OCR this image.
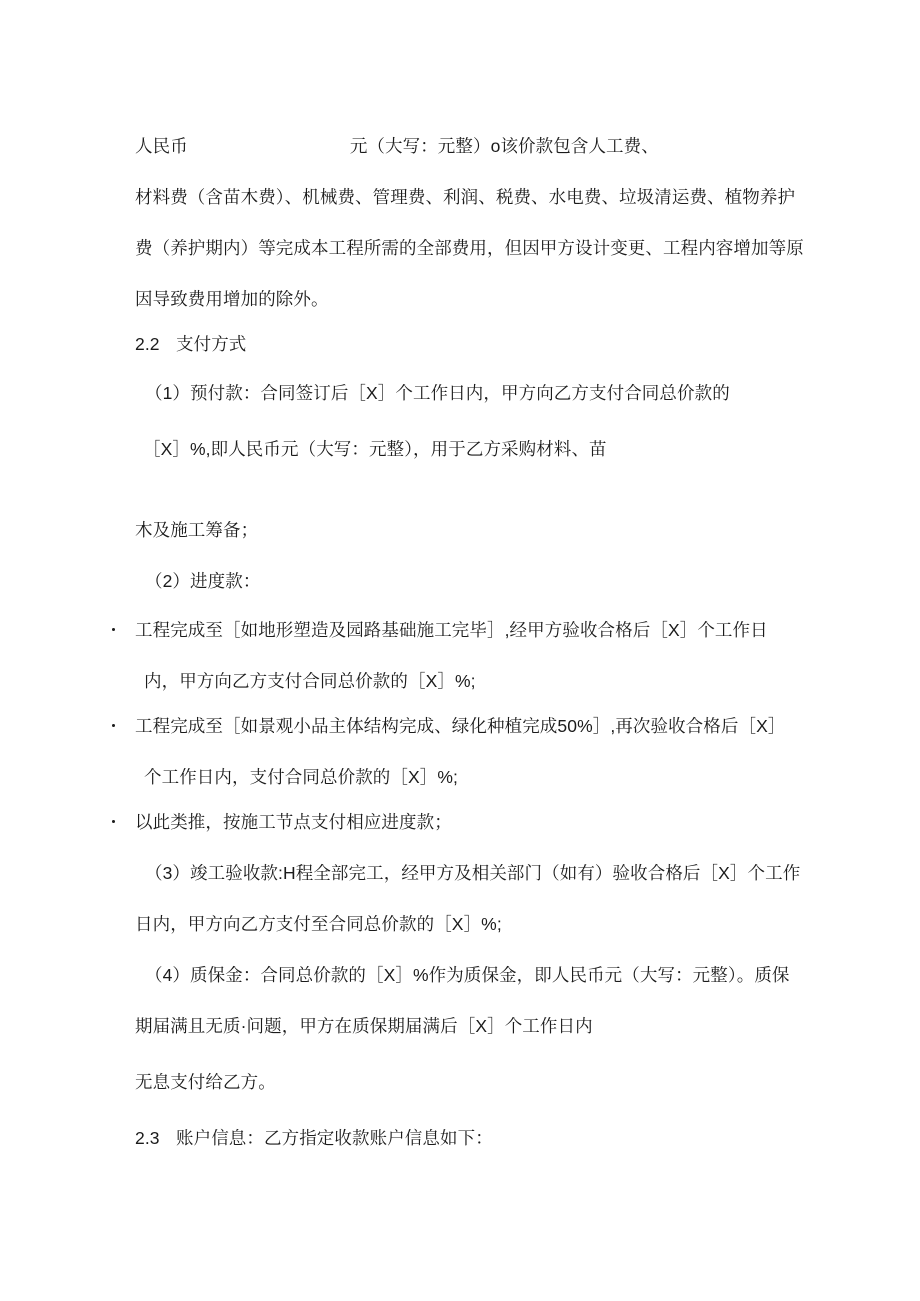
人民币	元（大写：元整）o该价款包含人工费、
材料费（含苗木费）、机械费、管理费、利润、税费、水电费、垃圾清运费、植物养护
费（养护期内）等完成本工程所需的全部费用，但因甲方设计变更、工程内容增加等原
因导致费用增加的除外。
2.2 支付方式
（1）预付款：合同签订后［X］个工作日内，甲方向乙方支付合同总价款的
［X］%,即人民币元（大写：元整），用于乙方采购材料、苗
木及施工筹备；
（2）进度款：
工程完成至［如地形塑造及园路基础施工完毕］,经甲方验收合格后［X］个工作日
内，甲方向乙方支付合同总价款的［X］%;
工程完成至［如景观小品主体结构完成、绿化种植完成50%］,再次验收合格后［X］
个工作日内，支付合同总价款的［X］%;
以此类推，按施工节点支付相应进度款；
（3）竣工验收款:H程全部完工，经甲方及相关部门（如有）验收合格后［X］个工作
日内，甲方向乙方支付至合同总价款的［X］%;
（4）质保金：合同总价款的［X］%作为质保金，即人民币元（大写：元整）。质保
期届满且无质·问题，甲方在质保期届满后［X］个工作日内
无息支付给乙方。
2.3 账户信息：乙方指定收款账户信息如下：
